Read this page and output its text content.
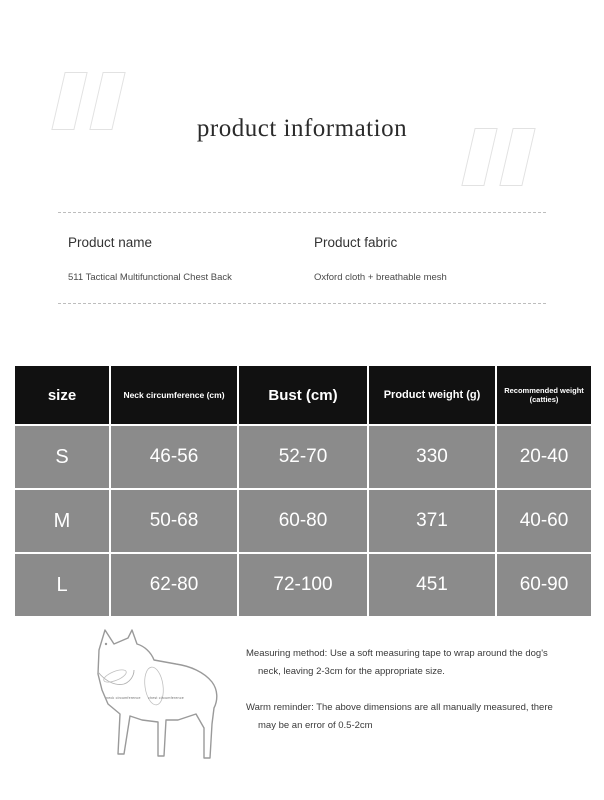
product information
Product name
511 Tactical Multifunctional Chest Back
Product fabric
Oxford cloth + breathable mesh
size	Neck circumference (cm)	Bust (cm)	Product weight (g)	Recommended weight (catties)
S	46-56	52-70	330	20-40
M	50-68	60-80	371	40-60
L	62-80	72-100	451	60-90
neck circumference chest circumference

Measuring method: Use a soft measuring tape to wrap around the dog's
neck, leaving 2-3cm for the appropriate size.

Warm reminder: The above dimensions are all manually measured, there
may be an error of 0.5-2cm
